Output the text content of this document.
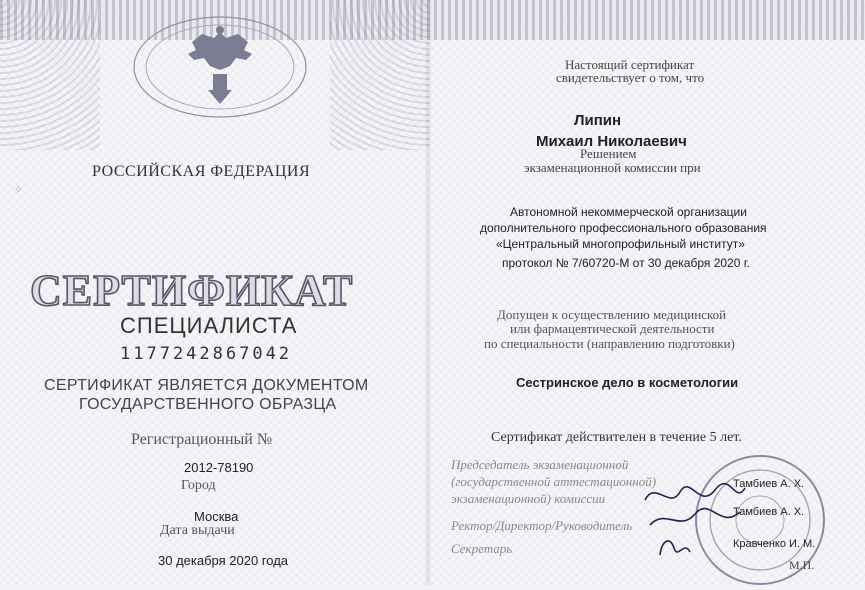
⁘
РОССИЙСКАЯ ФЕДЕРАЦИЯ
СЕРТИФИКАТ
СПЕЦИАЛИСТА
1177242867042
СЕРТИФИКАТ ЯВЛЯЕТСЯ ДОКУМЕНТОМ
ГОСУДАРСТВЕННОГО ОБРАЗЦА
Регистрационный №
2012-78190
Город
Москва
Дата выдачи
30 декабря 2020 года
Настоящий сертификат
свидетельствует о том, что
Липин
Михаил Николаевич
Решением
экзаменационной комиссии при
Автономной некоммерческой организации
дополнительного профессионального образования
«Центральный многопрофильный институт»
протокол № 7/60720-М от 30 декабря 2020 г.
Допущен к осуществлению медицинской
или фармацевтической деятельности
по специальности (направлению подготовки)
Сестринское дело в косметологии
Сертификат действителен в течение 5 лет.
Председатель экзаменационной
(государственной аттестационной)
экзаменационной) комиссии
Ректор/Директор/Руководитель
Секретарь
Тамбиев А. Х.
Тамбиев А. Х.
Кравченко И. М.
М.П.
